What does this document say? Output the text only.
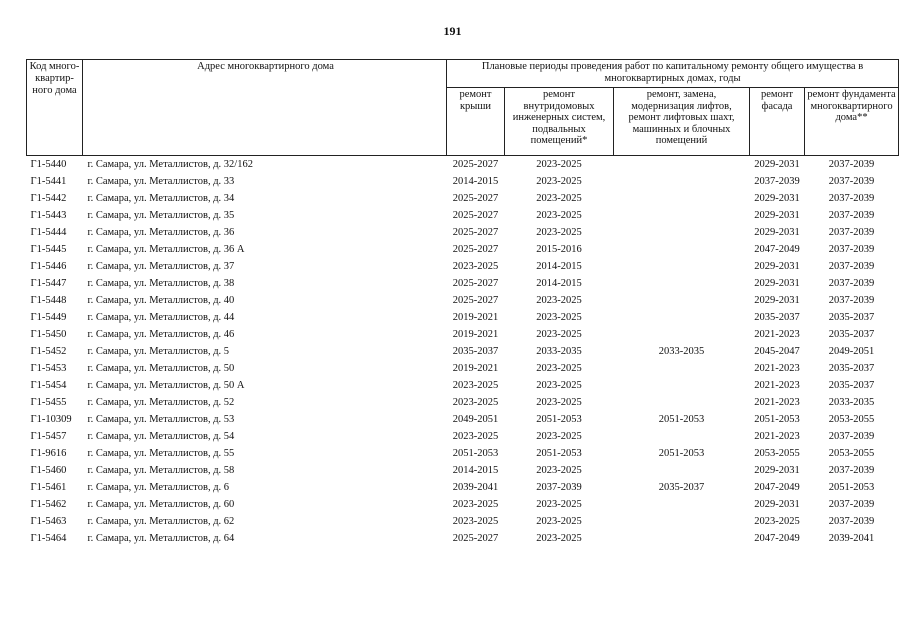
191
Код много-квартир-ного дома	Адрес многоквартирного дома	Плановые периоды проведения работ по капитальному ремонту общего имущества в многоквартирных домах, годы				
		ремонт крыши	ремонт внутридомовых инженерных систем, подвальных помещений*	ремонт, замена, модернизация лифтов, ремонт лифтовых шахт, машинных и блочных помещений	ремонт фасада	ремонт фундамента многоквартирного дома**
Г1-5440	г. Самара, ул. Металлистов, д. 32/162	2025-2027	2023-2025		2029-2031	2037-2039
Г1-5441	г. Самара, ул. Металлистов, д. 33	2014-2015	2023-2025		2037-2039	2037-2039
Г1-5442	г. Самара, ул. Металлистов, д. 34	2025-2027	2023-2025		2029-2031	2037-2039
Г1-5443	г. Самара, ул. Металлистов, д. 35	2025-2027	2023-2025		2029-2031	2037-2039
Г1-5444	г. Самара, ул. Металлистов, д. 36	2025-2027	2023-2025		2029-2031	2037-2039
Г1-5445	г. Самара, ул. Металлистов, д. 36 А	2025-2027	2015-2016		2047-2049	2037-2039
Г1-5446	г. Самара, ул. Металлистов, д. 37	2023-2025	2014-2015		2029-2031	2037-2039
Г1-5447	г. Самара, ул. Металлистов, д. 38	2025-2027	2014-2015		2029-2031	2037-2039
Г1-5448	г. Самара, ул. Металлистов, д. 40	2025-2027	2023-2025		2029-2031	2037-2039
Г1-5449	г. Самара, ул. Металлистов, д. 44	2019-2021	2023-2025		2035-2037	2035-2037
Г1-5450	г. Самара, ул. Металлистов, д. 46	2019-2021	2023-2025		2021-2023	2035-2037
Г1-5452	г. Самара, ул. Металлистов, д. 5	2035-2037	2033-2035	2033-2035	2045-2047	2049-2051
Г1-5453	г. Самара, ул. Металлистов, д. 50	2019-2021	2023-2025		2021-2023	2035-2037
Г1-5454	г. Самара, ул. Металлистов, д. 50 А	2023-2025	2023-2025		2021-2023	2035-2037
Г1-5455	г. Самара, ул. Металлистов, д. 52	2023-2025	2023-2025		2021-2023	2033-2035
Г1-10309	г. Самара, ул. Металлистов, д. 53	2049-2051	2051-2053	2051-2053	2051-2053	2053-2055
Г1-5457	г. Самара, ул. Металлистов, д. 54	2023-2025	2023-2025		2021-2023	2037-2039
Г1-9616	г. Самара, ул. Металлистов, д. 55	2051-2053	2051-2053	2051-2053	2053-2055	2053-2055
Г1-5460	г. Самара, ул. Металлистов, д. 58	2014-2015	2023-2025		2029-2031	2037-2039
Г1-5461	г. Самара, ул. Металлистов, д. 6	2039-2041	2037-2039	2035-2037	2047-2049	2051-2053
Г1-5462	г. Самара, ул. Металлистов, д. 60	2023-2025	2023-2025		2029-2031	2037-2039
Г1-5463	г. Самара, ул. Металлистов, д. 62	2023-2025	2023-2025		2023-2025	2037-2039
Г1-5464	г. Самара, ул. Металлистов, д. 64	2025-2027	2023-2025		2047-2049	2039-2041
